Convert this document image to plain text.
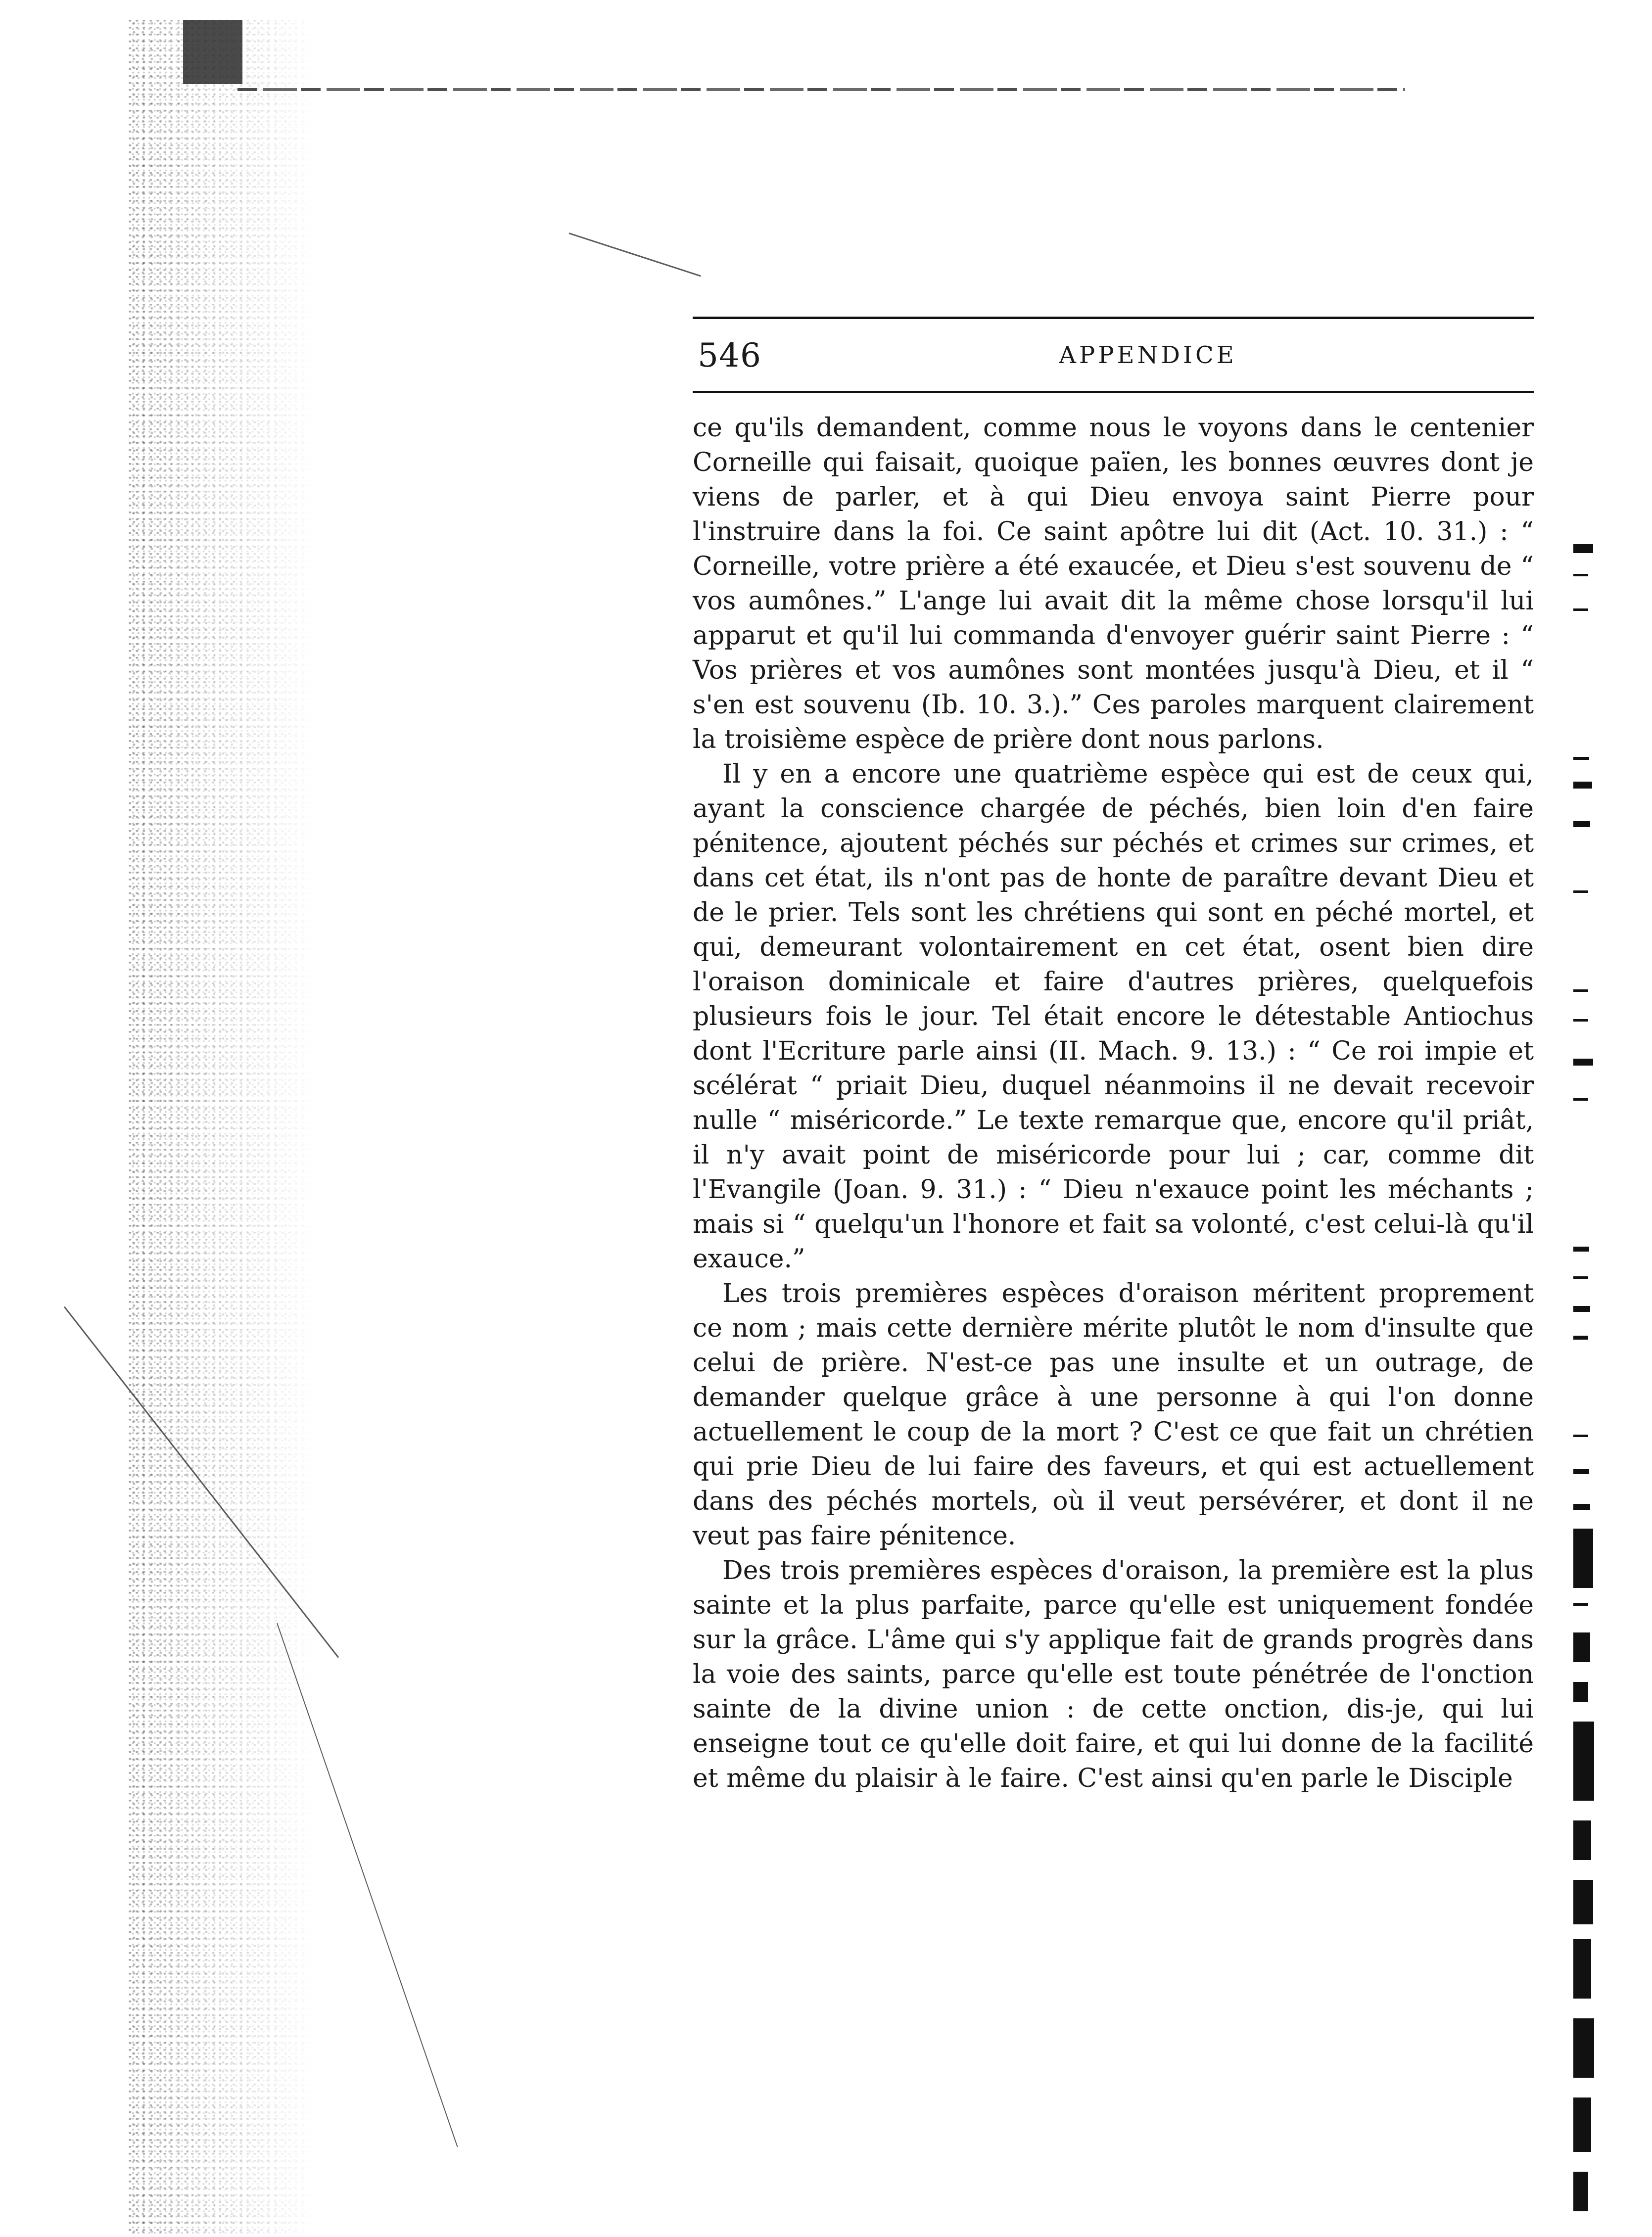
546	APPENDICE

ce qu'ils demandent, comme nous le voyons dans le centenier Corneille qui faisait, quoique païen, les bonnes œuvres dont je viens de parler, et à qui Dieu envoya saint Pierre pour l'instruire dans la foi. Ce saint apôtre lui dit (Act. 10. 31.) : “ Corneille, votre prière a été exaucée, et Dieu s'est souvenu de “ vos aumônes.” L'ange lui avait dit la même chose lorsqu'il lui apparut et qu'il lui commanda d'envoyer guérir saint Pierre : “ Vos prières et vos aumônes sont montées jusqu'à Dieu, et il “ s'en est souvenu (Ib. 10. 3.).” Ces paroles marquent clairement la troisième espèce de prière dont nous parlons.

Il y en a encore une quatrième espèce qui est de ceux qui, ayant la conscience chargée de péchés, bien loin d'en faire pénitence, ajoutent péchés sur péchés et crimes sur crimes, et dans cet état, ils n'ont pas de honte de paraître devant Dieu et de le prier. Tels sont les chrétiens qui sont en péché mortel, et qui, demeurant volontairement en cet état, osent bien dire l'oraison dominicale et faire d'autres prières, quelquefois plusieurs fois le jour. Tel était encore le détestable Antiochus dont l'Ecriture parle ainsi (II. Mach. 9. 13.) : “ Ce roi impie et scélérat “ priait Dieu, duquel néanmoins il ne devait recevoir nulle “ miséricorde.” Le texte remarque que, encore qu'il priât, il n'y avait point de miséricorde pour lui ; car, comme dit l'Evangile (Joan. 9. 31.) : “ Dieu n'exauce point les méchants ; mais si “ quelqu'un l'honore et fait sa volonté, c'est celui-là qu'il exauce.”

Les trois premières espèces d'oraison méritent proprement ce nom ; mais cette dernière mérite plutôt le nom d'insulte que celui de prière. N'est-ce pas une insulte et un outrage, de demander quelque grâce à une personne à qui l'on donne actuellement le coup de la mort ? C'est ce que fait un chrétien qui prie Dieu de lui faire des faveurs, et qui est actuellement dans des péchés mortels, où il veut persévérer, et dont il ne veut pas faire pénitence.

Des trois premières espèces d'oraison, la première est la plus sainte et la plus parfaite, parce qu'elle est uniquement fondée sur la grâce. L'âme qui s'y applique fait de grands progrès dans la voie des saints, parce qu'elle est toute pénétrée de l'onction sainte de la divine union : de cette onction, dis-je, qui lui enseigne tout ce qu'elle doit faire, et qui lui donne de la facilité et même du plaisir à le faire. C'est ainsi qu'en parle le Disciple
